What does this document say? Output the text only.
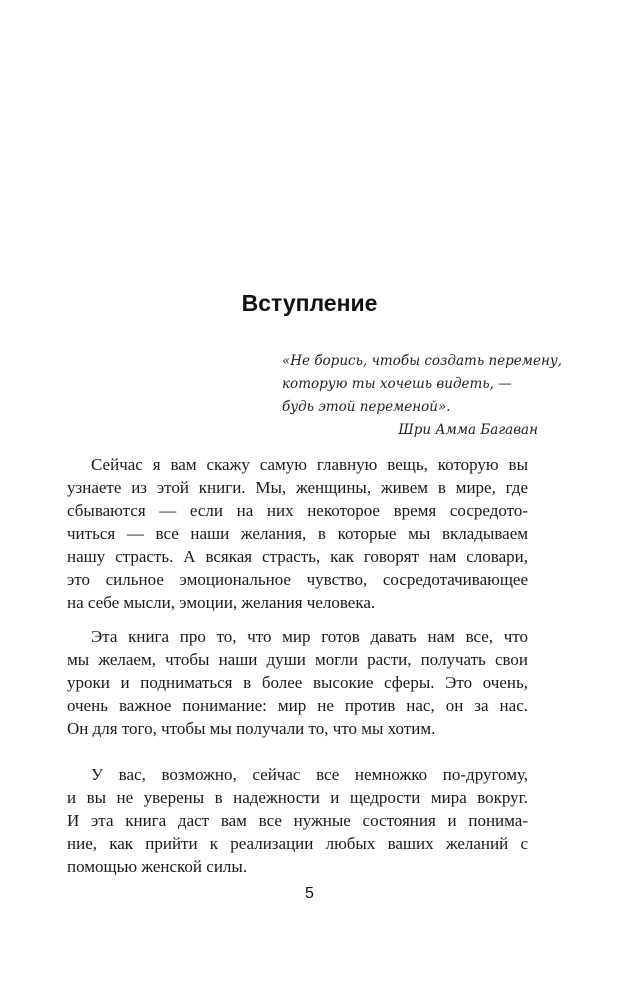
Вступление
«Не борись, чтобы создать перемену,
которую ты хочешь видеть, —
будь этой переменой».
Шри Амма Багаван
Сейчас я вам скажу самую главную вещь, которую вы
узнаете из этой книги. Мы, женщины, живем в мире, где
сбываются — если на них некоторое время сосредото-
читься — все наши желания, в которые мы вкладываем
нашу страсть. А всякая страсть, как говорят нам словари,
это сильное эмоциональное чувство, сосредотачивающее
на себе мысли, эмоции, желания человека.
Эта книга про то, что мир готов давать нам все, что
мы желаем, чтобы наши души могли расти, получать свои
уроки и подниматься в более высокие сферы. Это очень,
очень важное понимание: мир не против нас, он за нас.
Он для того, чтобы мы получали то, что мы хотим.
У вас, возможно, сейчас все немножко по-другому,
и вы не уверены в надежности и щедрости мира вокруг.
И эта книга даст вам все нужные состояния и понима-
ние, как прийти к реализации любых ваших желаний с
помощью женской силы.
5
